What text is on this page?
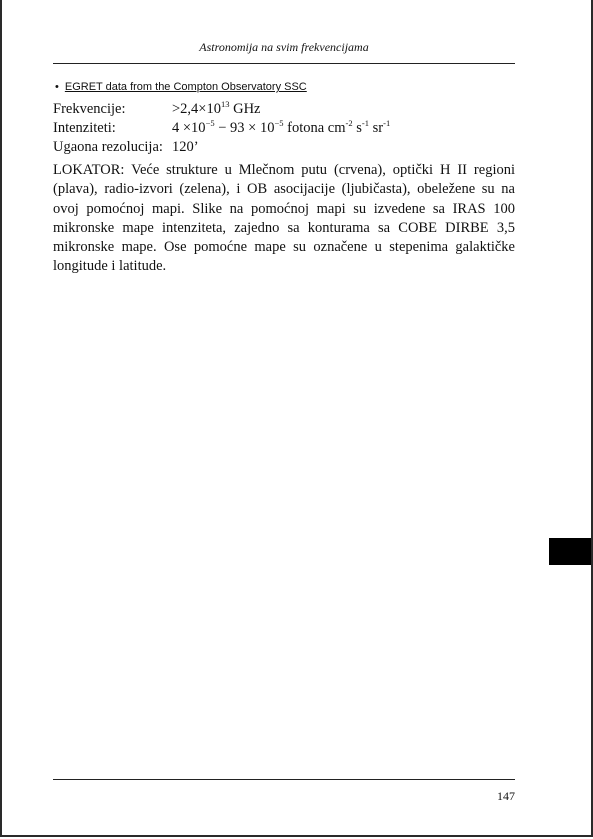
Astronomija na svim frekvencijama
• EGRET data from the Compton Observatory SSC
Frekvencije:	$>2,4\times 10^{13}$ GHz
Intenziteti:	$4 \times 10^{-5} - 93 \times 10^{-5}$ fotona $cm^{-2}$ $s^{-1}$ $sr^{-1}$
Ugaona rezolucija: 120’

LOKATOR: Veće strukture u Mlečnom putu (crvena), optički H II regioni (plava), radio-izvori (zelena), i OB asocijacije (ljubičasta), obeležene su na ovoj pomoćnoj mapi. Slike na pomoćnoj mapi su izvedene sa IRAS 100 mikronske mape intenziteta, zajedno sa konturama sa COBE DIRBE 3,5 mikronske mape. Ose pomoćne mape su označene u stepenima galaktičke longitude i latitude.

147
